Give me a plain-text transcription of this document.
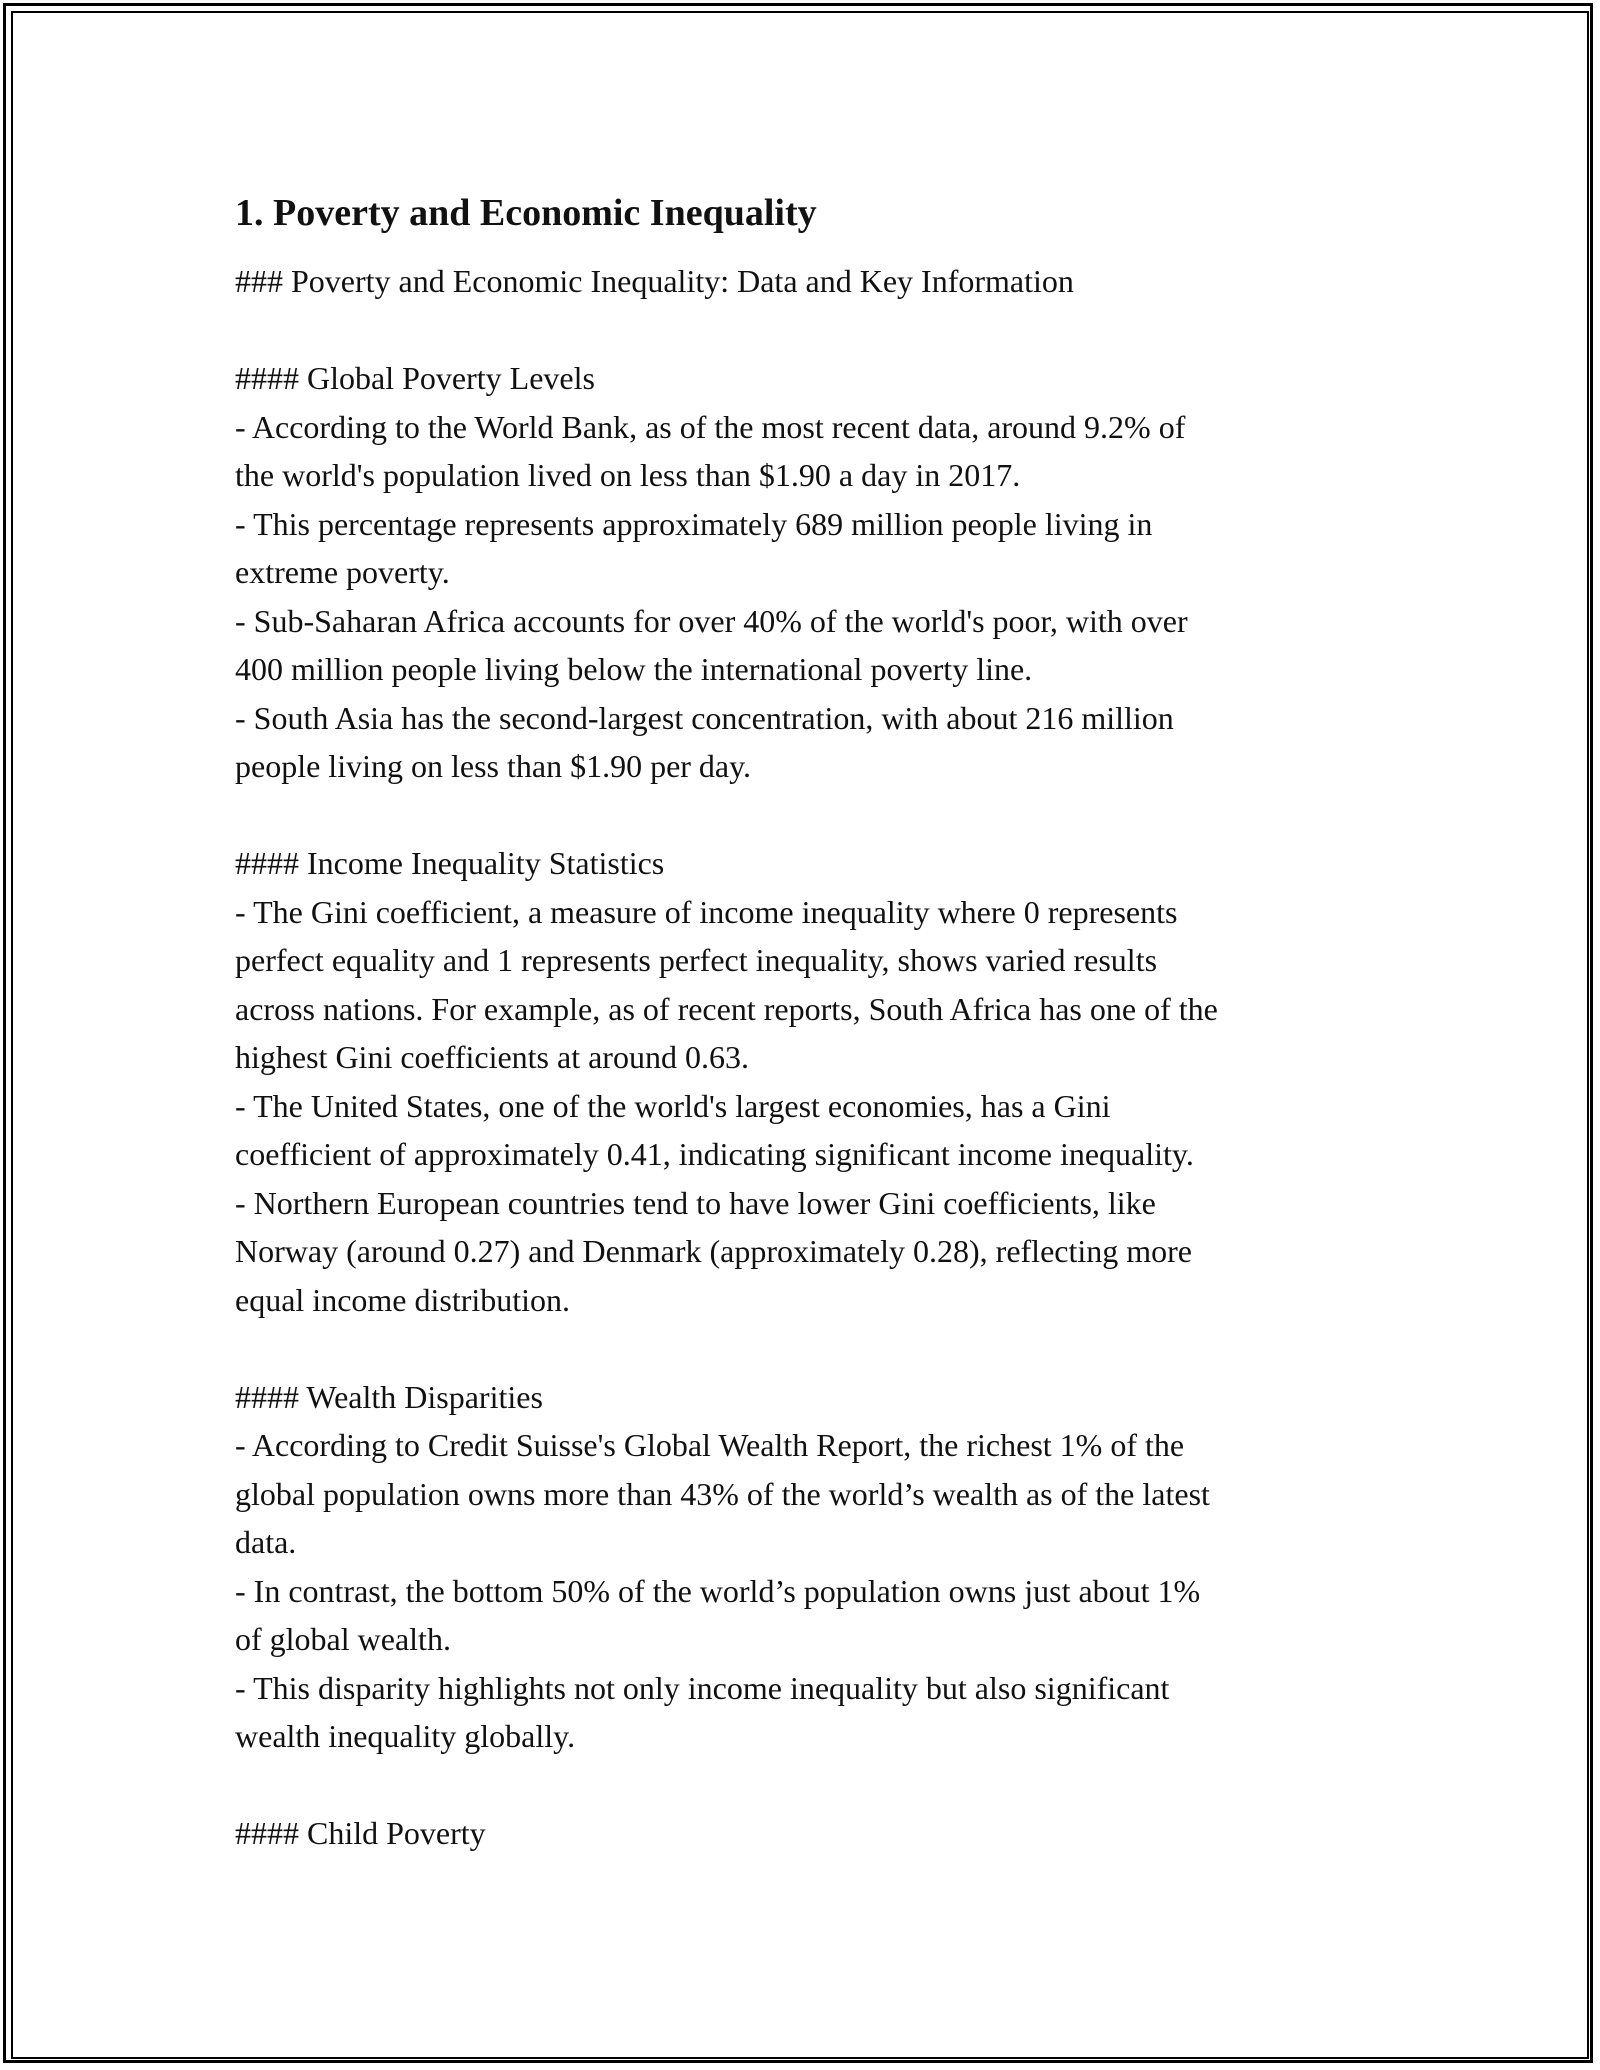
1. Poverty and Economic Inequality

### Poverty and Economic Inequality: Data and Key Information

#### Global Poverty Levels

- According to the World Bank, as of the most recent data, around 9.2% of

the world's population lived on less than $1.90 a day in 2017.

- This percentage represents approximately 689 million people living in

extreme poverty.

- Sub-Saharan Africa accounts for over 40% of the world's poor, with over

400 million people living below the international poverty line.

- South Asia has the second-largest concentration, with about 216 million

people living on less than $1.90 per day.

#### Income Inequality Statistics

- The Gini coefficient, a measure of income inequality where 0 represents

perfect equality and 1 represents perfect inequality, shows varied results

across nations. For example, as of recent reports, South Africa has one of the

highest Gini coefficients at around 0.63.

- The United States, one of the world's largest economies, has a Gini

coefficient of approximately 0.41, indicating significant income inequality.

- Northern European countries tend to have lower Gini coefficients, like

Norway (around 0.27) and Denmark (approximately 0.28), reflecting more

equal income distribution.

#### Wealth Disparities

- According to Credit Suisse's Global Wealth Report, the richest 1% of the

global population owns more than 43% of the world’s wealth as of the latest

data.

- In contrast, the bottom 50% of the world’s population owns just about 1%

of global wealth.

- This disparity highlights not only income inequality but also significant

wealth inequality globally.

#### Child Poverty
